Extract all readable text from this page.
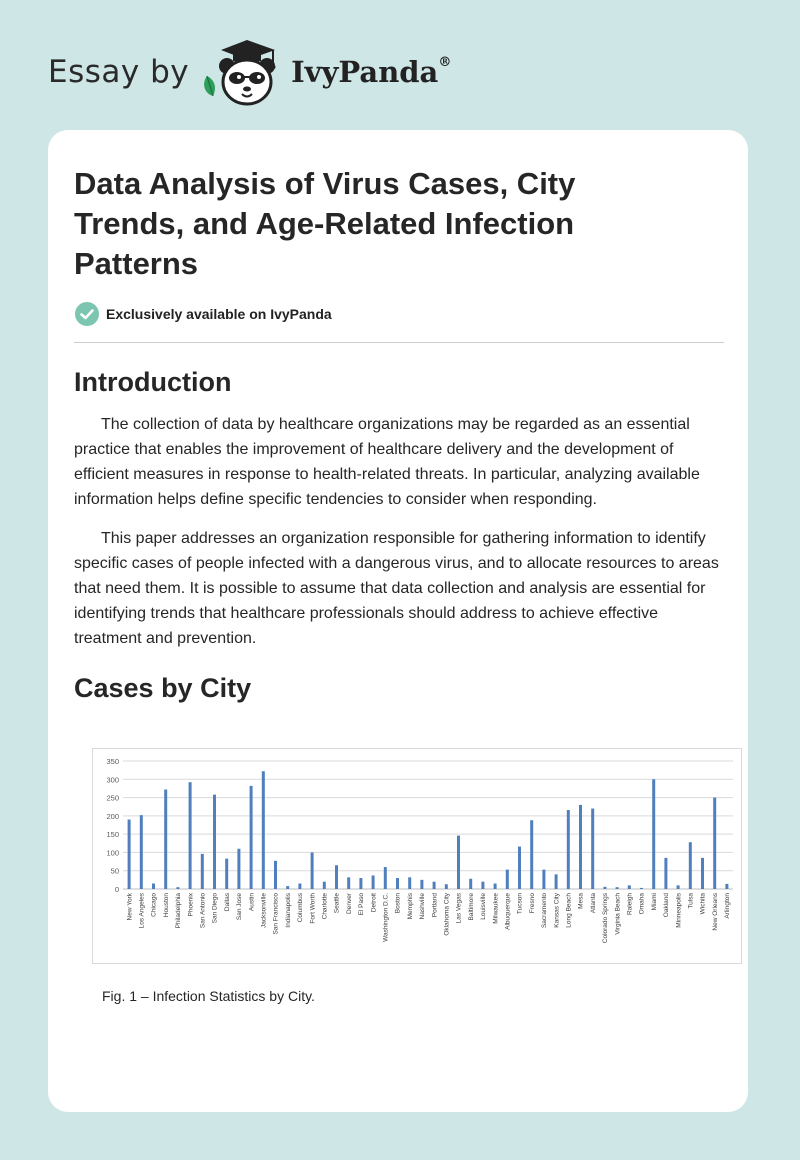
Essay by	IvyPanda®
Data Analysis of Virus Cases, City Trends, and Age-Related Infection Patterns
Exclusively available on IvyPanda
Introduction

The collection of data by healthcare organizations may be regarded as an essential practice that enables the improvement of healthcare delivery and the development of efficient measures in response to health-related threats. In particular, analyzing available information helps define specific tendencies to consider when responding.

This paper addresses an organization responsible for gathering information to identify specific cases of people infected with a dangerous virus, and to allocate resources to areas that need them. It is possible to assume that data collection and analysis are essential for identifying trends that healthcare professionals should address to achieve effective treatment and prevention.

Cases by City
0
50
100
150
200
250
300
350
New York Los Angeles Chicago Houston Philadelphia Phoenix San Antonio San Diego Dallas San Jose Austin Jacksonville San Francisco Indianapolis Columbus Fort Worth Charlotte Seattle Denver El Paso Detroit Washington D.C. Boston Memphis Nashville Portland Oklahoma City Las Vegas Baltimore Louisville Milwaukee Albuquerque Tucson Fresno Sacramento Kansas City Long Beach Mesa Atlanta Colorado Springs Virginia Beach Raleigh Omaha Miami Oakland Minneapolis Tulsa Wichita New Orleans Arlington
Fig. 1 – Infection Statistics by City.
